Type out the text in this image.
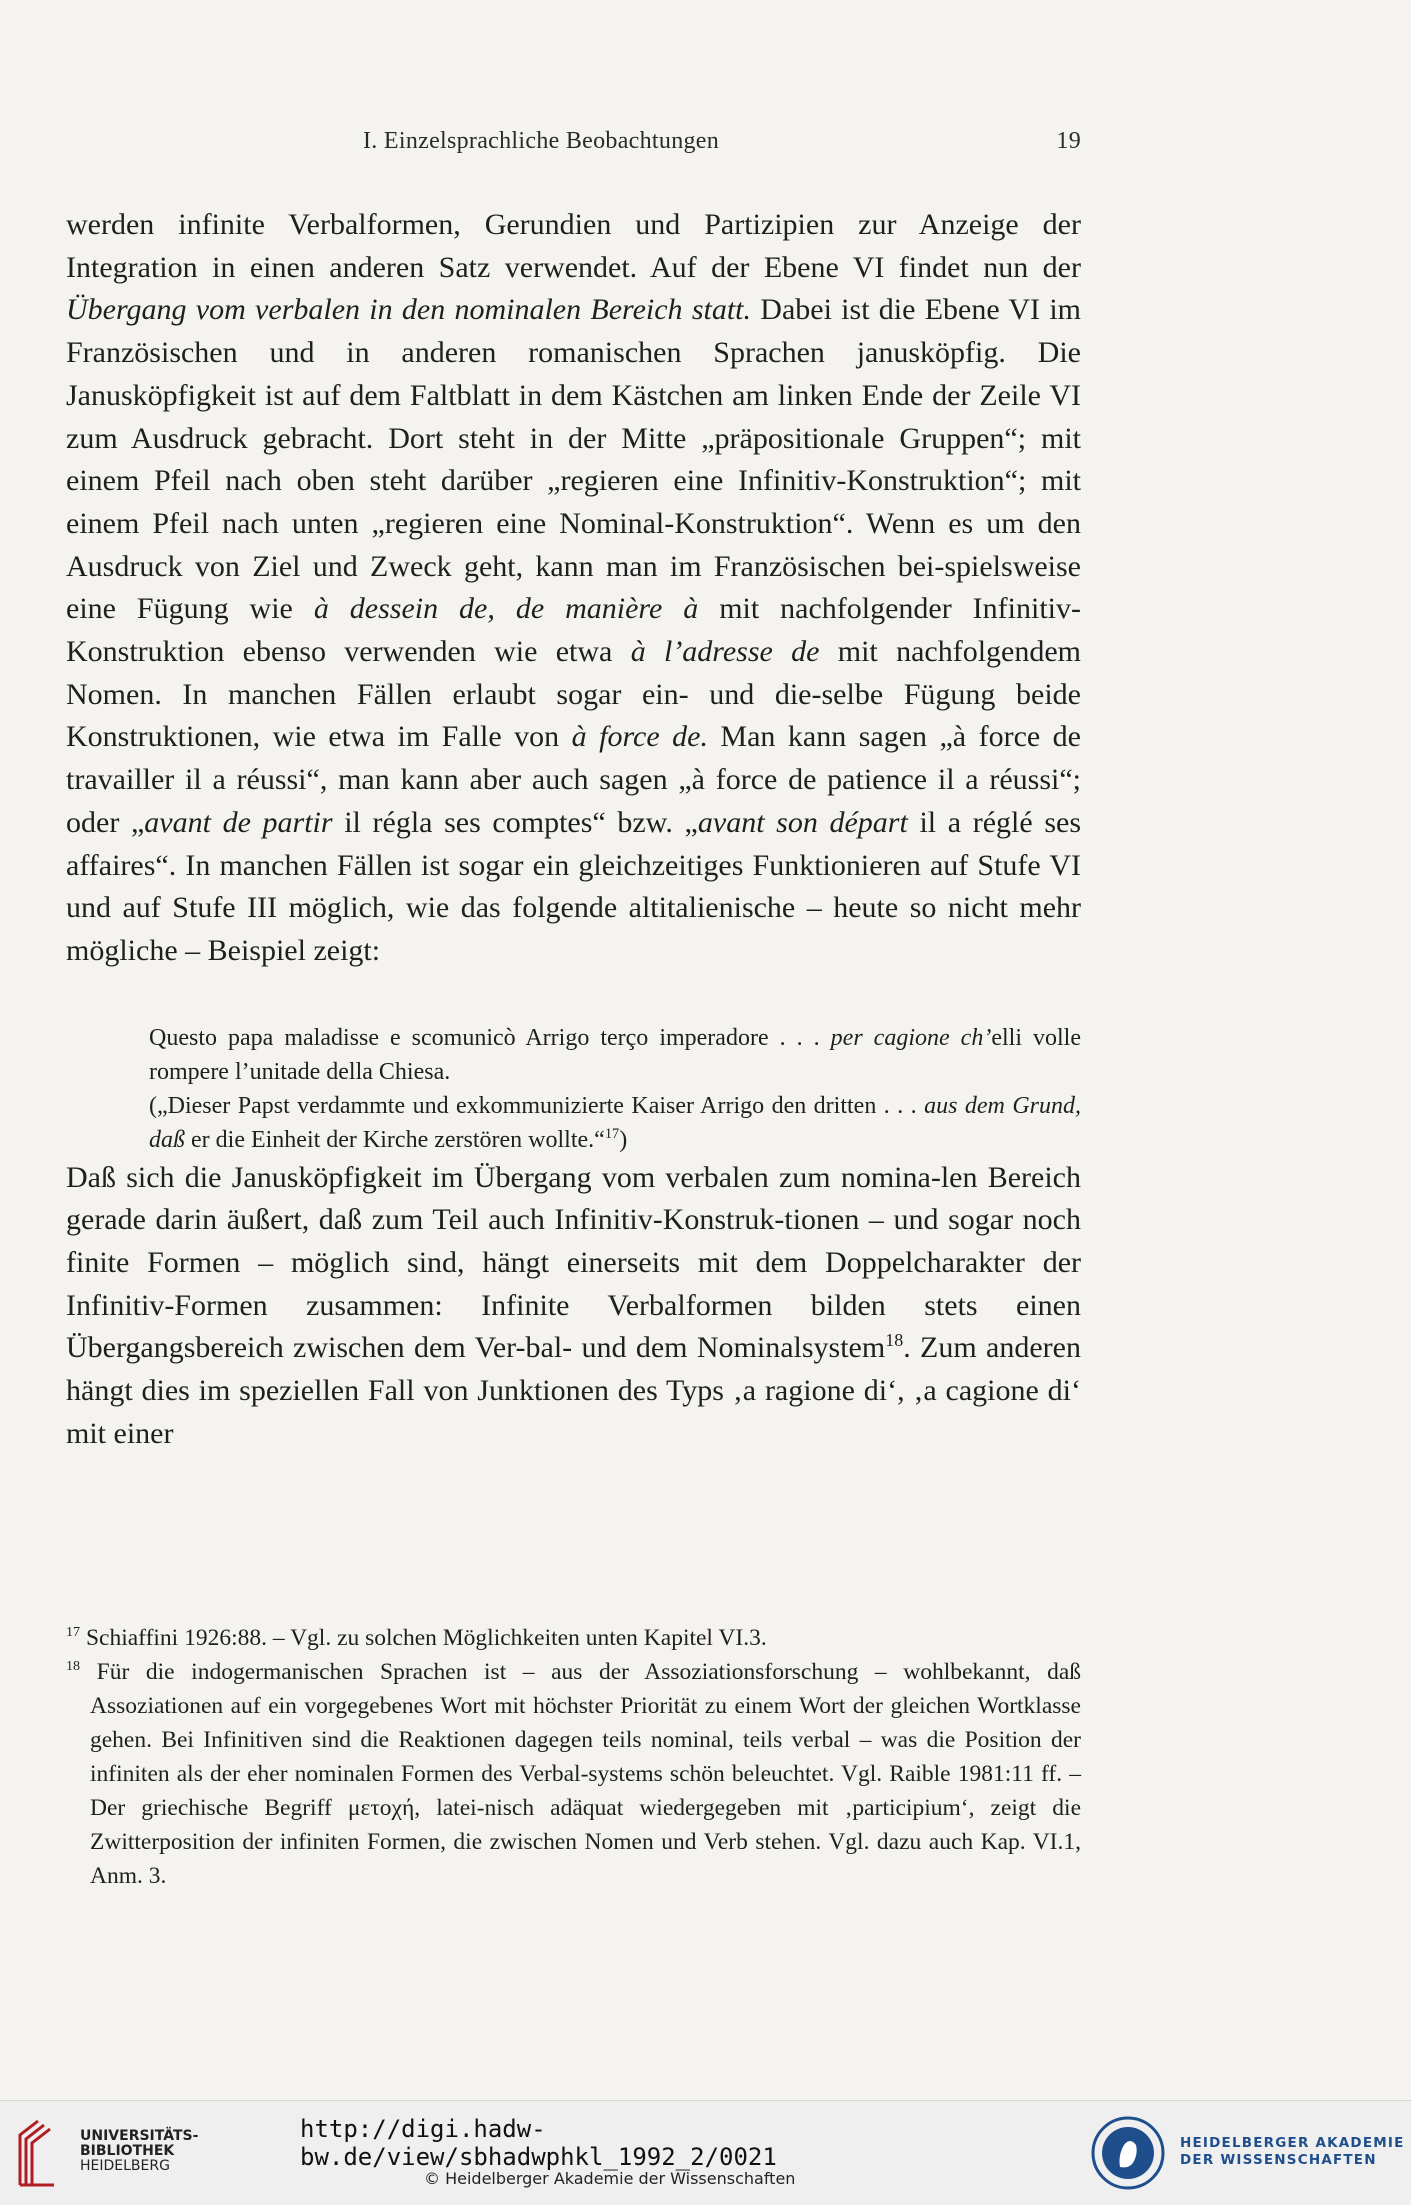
I. Einzelsprachliche Beobachtungen	19

werden infinite Verbalformen, Gerundien und Partizipien zur Anzeige der Integration in einen anderen Satz verwendet. Auf der Ebene VI findet nun der Übergang vom verbalen in den nominalen Bereich statt. Dabei ist die Ebene VI im Französischen und in anderen romanischen Sprachen janusköpfig. Die Janusköpfigkeit ist auf dem Faltblatt in dem Kästchen am linken Ende der Zeile VI zum Ausdruck gebracht. Dort steht in der Mitte „präpositionale Gruppen“; mit einem Pfeil nach oben steht darüber „regieren eine Infinitiv-Konstruktion“; mit einem Pfeil nach unten „regieren eine Nominal-Konstruktion“. Wenn es um den Ausdruck von Ziel und Zweck geht, kann man im Französischen bei-spielsweise eine Fügung wie à dessein de, de manière à mit nachfolgender Infinitiv-Konstruktion ebenso verwenden wie etwa à l’adresse de mit nachfolgendem Nomen. In manchen Fällen erlaubt sogar ein- und die-selbe Fügung beide Konstruktionen, wie etwa im Falle von à force de. Man kann sagen „à force de travailler il a réussi“, man kann aber auch sagen „à force de patience il a réussi“; oder „avant de partir il régla ses comptes“ bzw. „avant son départ il a réglé ses affaires“. In manchen Fällen ist sogar ein gleichzeitiges Funktionieren auf Stufe VI und auf Stufe III möglich, wie das folgende altitalienische – heute so nicht mehr mögliche – Beispiel zeigt:

Questo papa maladisse e scomunicò Arrigo terço imperadore . . . per cagione ch’elli volle rompere l’unitade della Chiesa.

(„Dieser Papst verdammte und exkommunizierte Kaiser Arrigo den dritten . . . aus dem Grund, daß er die Einheit der Kirche zerstören wollte.“$^{17}$)

Daß sich die Janusköpfigkeit im Übergang vom verbalen zum nomina-len Bereich gerade darin äußert, daß zum Teil auch Infinitiv-Konstruk-tionen – und sogar noch finite Formen – möglich sind, hängt einerseits mit dem Doppelcharakter der Infinitiv-Formen zusammen: Infinite Verbalformen bilden stets einen Übergangsbereich zwischen dem Ver-bal- und dem Nominalsystem$^{18}$. Zum anderen hängt dies im speziellen Fall von Junktionen des Typs ‚a ragione di‘, ‚a cagione di‘ mit einer

$^{17}$ Schiaffini 1926:88. – Vgl. zu solchen Möglichkeiten unten Kapitel VI.3.

$^{18}$ Für die indogermanischen Sprachen ist – aus der Assoziationsforschung – wohlbekannt, daß Assoziationen auf ein vorgegebenes Wort mit höchster Priorität zu einem Wort der gleichen Wortklasse gehen. Bei Infinitiven sind die Reaktionen dagegen teils nominal, teils verbal – was die Position der infiniten als der eher nominalen Formen des Verbal-systems schön beleuchtet. Vgl. Raible 1981:11 ff. – Der griechische Begriff μετοχή, latei-nisch adäquat wiedergegeben mit ‚participium‘, zeigt die Zwitterposition der infiniten Formen, die zwischen Nomen und Verb stehen. Vgl. dazu auch Kap. VI.1, Anm. 3.

UNIVERSITÄTS-
BIBLIOTHEK
HEIDELBERG
http://digi.hadw-bw.de/view/sbhadwphkl_1992_2/0021
© Heidelberger Akademie der Wissenschaften
HEIDELBERGER AKADEMIE
DER WISSENSCHAFTEN
